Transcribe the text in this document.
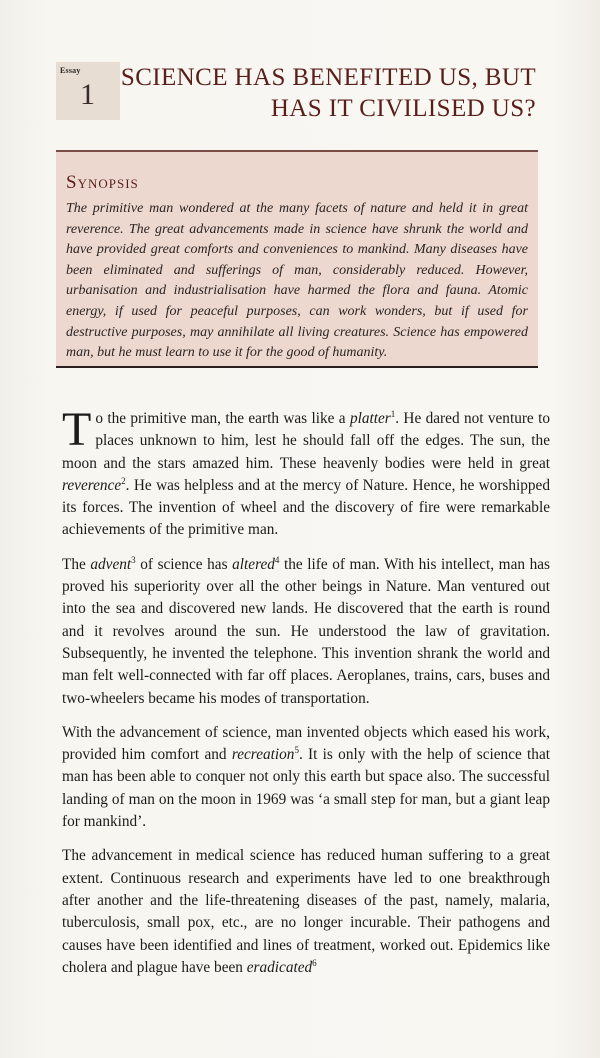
Essay
1
SCIENCE HAS BENEFITED US, BUT
HAS IT CIVILISED US?
Synopsis

The primitive man wondered at the many facets of nature and held it in great reverence. The great advancements made in science have shrunk the world and have provided great comforts and conveniences to mankind. Many diseases have been eliminated and sufferings of man, considerably reduced. However, urbanisation and industrialisation have harmed the flora and fauna. Atomic energy, if used for peaceful purposes, can work wonders, but if used for destructive purposes, may annihilate all living creatures. Science has empowered man, but he must learn to use it for the good of humanity.

To the primitive man, the earth was like a platter$^1$. He dared not venture to places unknown to him, lest he should fall off the edges. The sun, the moon and the stars amazed him. These heavenly bodies were held in great reverence$^2$. He was helpless and at the mercy of Nature. Hence, he worshipped its forces. The invention of wheel and the discovery of fire were remarkable achievements of the primitive man.

The advent$^3$ of science has altered$^4$ the life of man. With his intellect, man has proved his superiority over all the other beings in Nature. Man ventured out into the sea and discovered new lands. He discovered that the earth is round and it revolves around the sun. He understood the law of gravitation. Subsequently, he invented the telephone. This invention shrank the world and man felt well-connected with far off places. Aeroplanes, trains, cars, buses and two-wheelers became his modes of transportation.

With the advancement of science, man invented objects which eased his work, provided him comfort and recreation$^5$. It is only with the help of science that man has been able to conquer not only this earth but space also. The successful landing of man on the moon in 1969 was ‘a small step for man, but a giant leap for mankind’.

The advancement in medical science has reduced human suffering to a great extent. Continuous research and experiments have led to one breakthrough after another and the life-threatening diseases of the past, namely, malaria, tuberculosis, small pox, etc., are no longer incurable. Their pathogens and causes have been identified and lines of treatment, worked out. Epidemics like cholera and plague have been eradicated$^6$
